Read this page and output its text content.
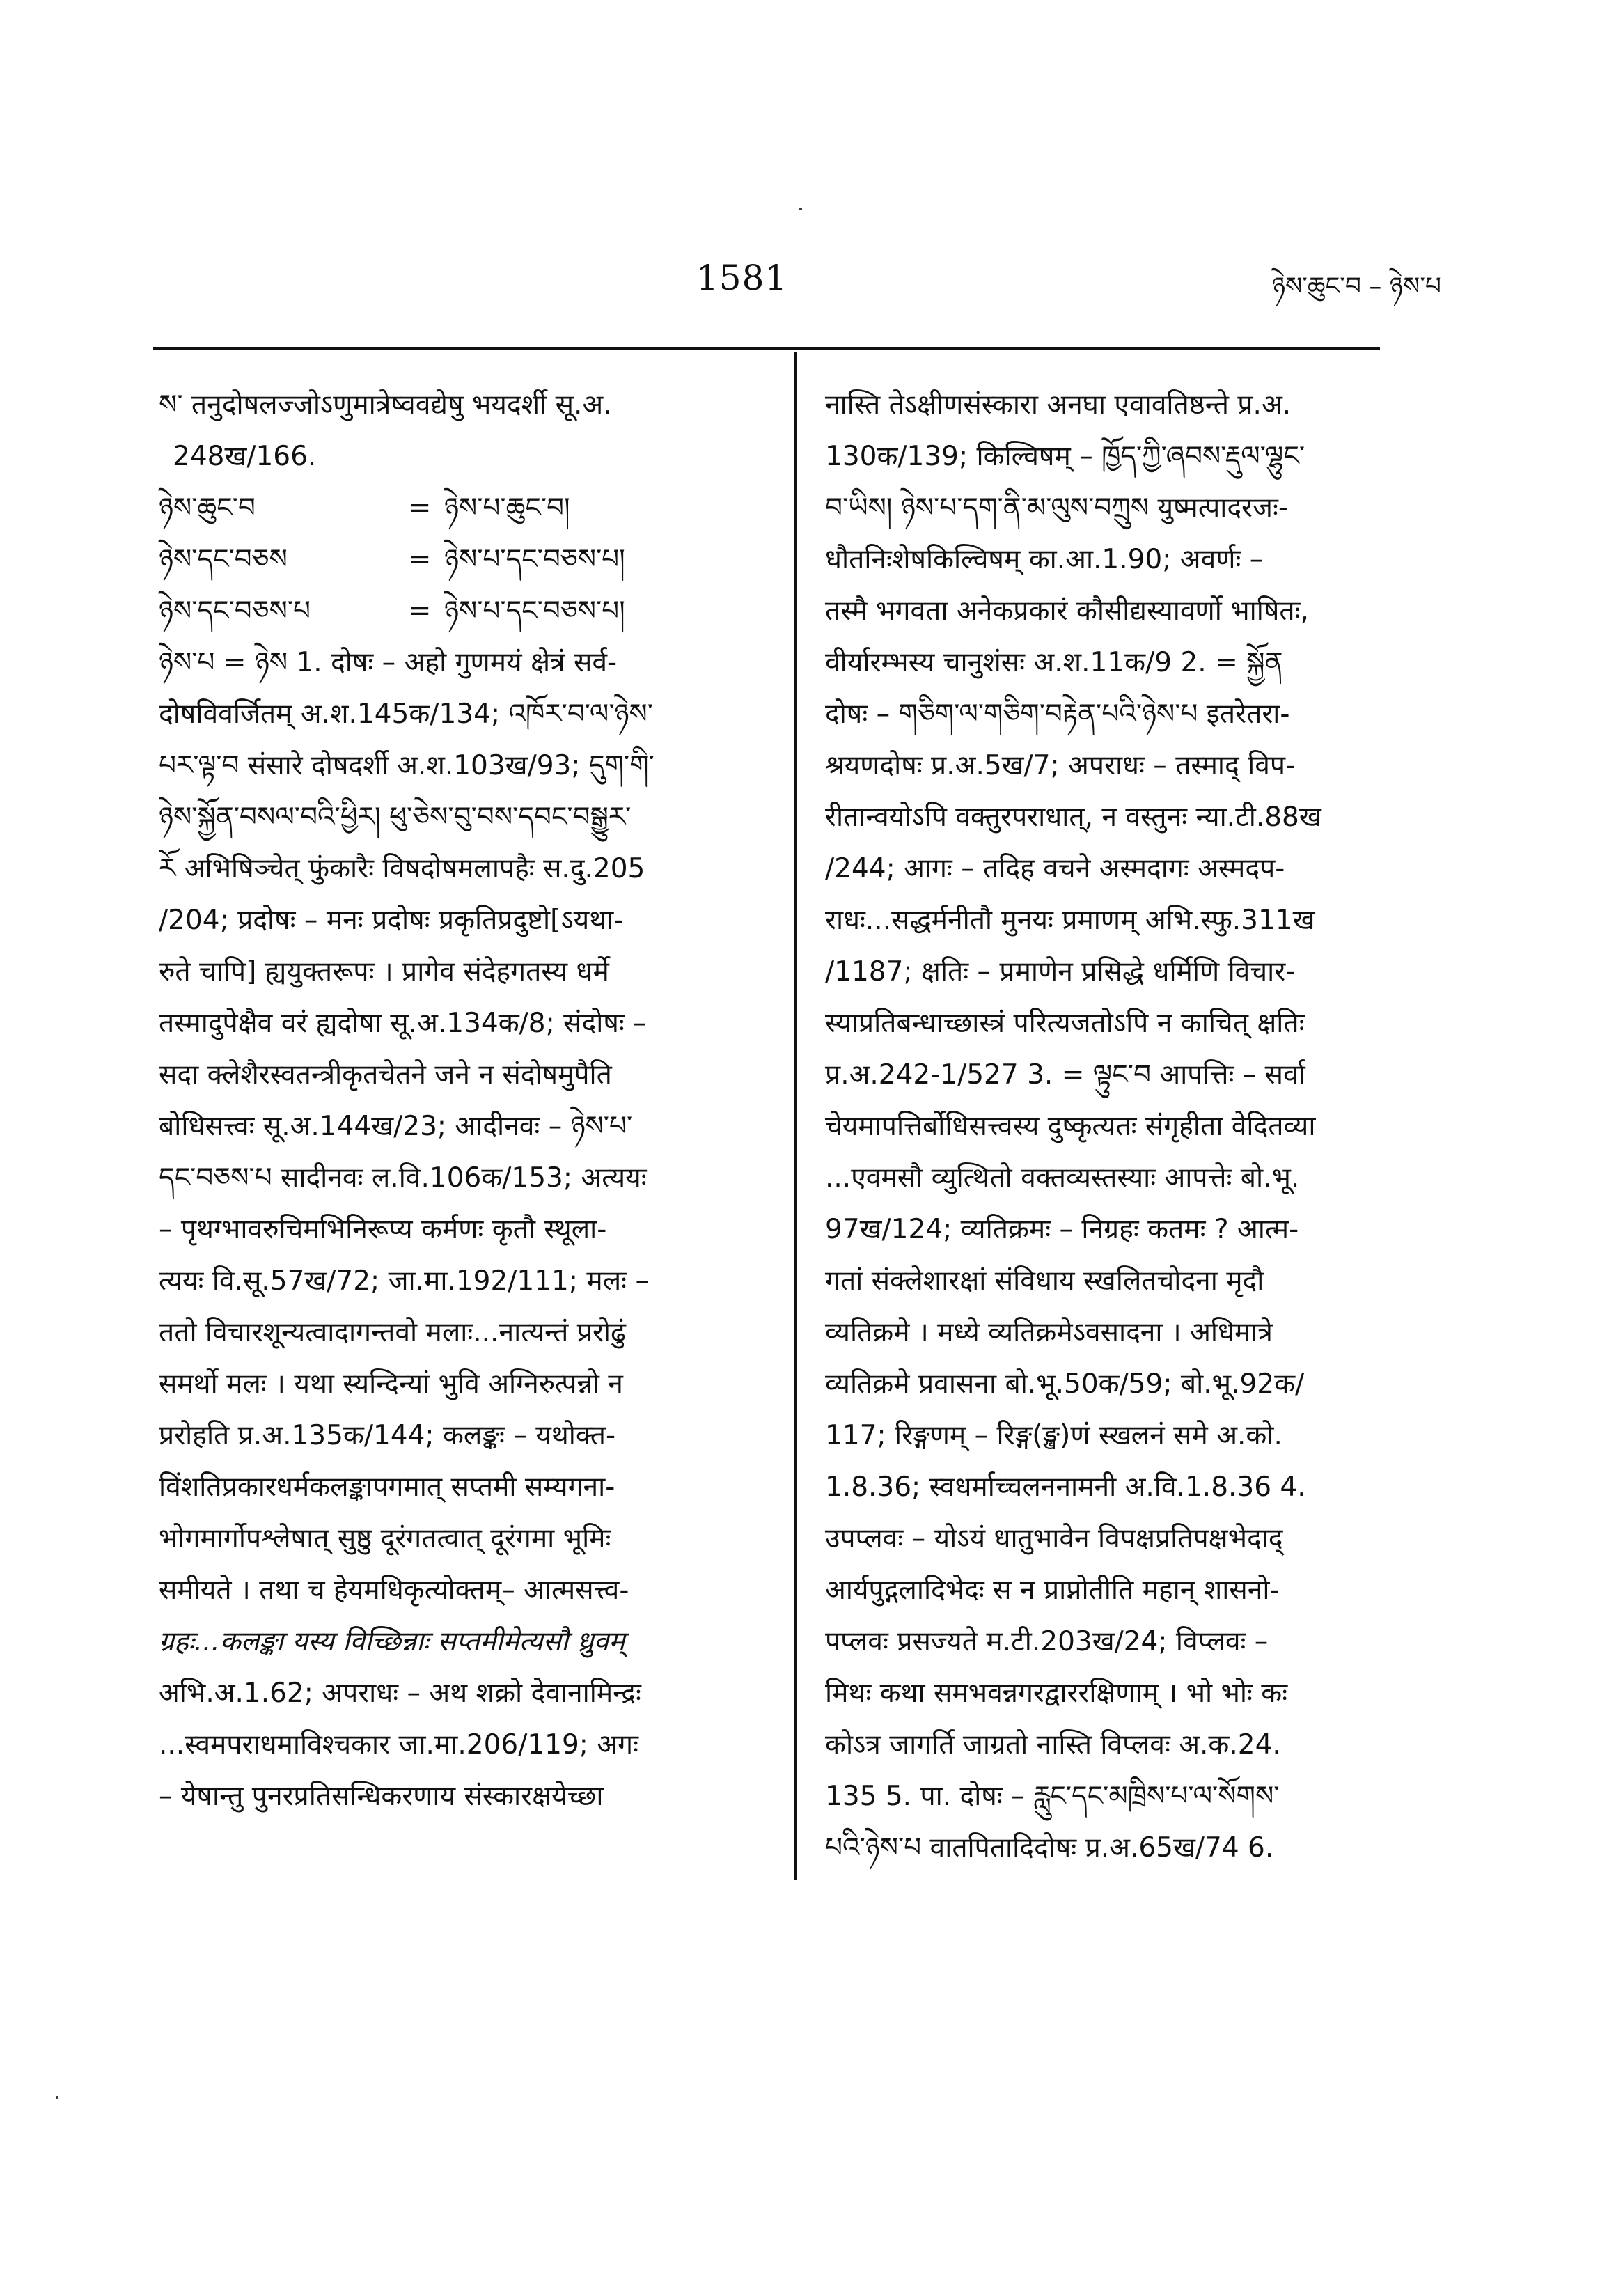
1581	ཉེས་ཆུང་བ – ཉེས་པ
ས་ तनुदोषलज्जोऽणुमात्रेष्ववद्येषु भयदर्शी सू.अ.
248ख/166.
ཉེས་ཆུང་བ	= ཉེས་པ་ཆུང་བ།
ཉེས་དང་བཅས	= ཉེས་པ་དང་བཅས་པ།
ཉེས་དང་བཅས་པ	= ཉེས་པ་དང་བཅས་པ།
ཉེས་པ = ཉེས 1. दोषः – अहो गुणमयं क्षेत्रं सर्व-
दोषविवर्जितम् अ.श.145क/134; འཁོར་བ་ལ་ཉེས་
པར་ལྟ་བ संसारे दोषदर्शी अ.श.103ख/93; དུག་གི་
ཉེས་སྐྱོན་བསལ་བའི་ཕྱིར། ཕུ་ཅེས་བུ་བས་དབང་བསྒྱུར་
རོ अभिषिञ्चेत् फुंकारैः विषदोषमलापहैः स.दु.205
/204; प्रदोषः – मनः प्रदोषः प्रकृतिप्रदुष्टो[ऽयथा-
रुते चापि] ह्ययुक्तरूपः । प्रागेव संदेहगतस्य धर्मे
तस्मादुपेक्षैव वरं ह्यदोषा सू.अ.134क/8; संदोषः –
सदा क्लेशैरस्वतन्त्रीकृतचेतने जने न संदोषमुपैति
बोधिसत्त्वः सू.अ.144ख/23; आदीनवः – ཉེས་པ་
དང་བཅས་པ सादीनवः ल.वि.106क/153; अत्ययः
– पृथग्भावरुचिमभिनिरूप्य कर्मणः कृतौ स्थूला-
त्ययः वि.सू.57ख/72; जा.मा.192/111; मलः –
ततो विचारशून्यत्वादागन्तवो मलाः...नात्यन्तं प्ररोढुं
समर्थो मलः । यथा स्यन्दिन्यां भुवि अग्निरुत्पन्नो न
प्ररोहति प्र.अ.135क/144; कलङ्कः – यथोक्त-
विंशतिप्रकारधर्मकलङ्कापगमात् सप्तमी सम्यगना-
भोगमार्गोपश्लेषात् सुष्ठु दूरंगतत्वात् दूरंगमा भूमिः
समीयते । तथा च हेयमधिकृत्योक्तम्– आत्मसत्त्व-
ग्रहः...कलङ्का यस्य विच्छिन्नाः सप्तमीमेत्यसौ ध्रुवम्
अभि.अ.1.62; अपराधः – अथ शक्रो देवानामिन्द्रः
...स्वमपराधमाविश्चकार जा.मा.206/119; अगः
– येषान्तु पुनरप्रतिसन्धिकरणाय संस्कारक्षयेच्छा
नास्ति तेऽक्षीणसंस्कारा अनघा एवावतिष्ठन्ते प्र.अ.
130क/139; किल्विषम् – ཁྱོད་ཀྱི་ཞབས་རྡུལ་ལྷུང་
བ་ཡིས། ཉེས་པ་དག་ནི་མ་ལུས་བཀྲུས युष्मत्पादरजः-
धौतनिःशेषकिल्विषम् का.आ.1.90; अवर्णः –
तस्मै भगवता अनेकप्रकारं कौसीद्यस्यावर्णो भाषितः,
वीर्यारम्भस्य चानुशंसः अ.श.11क/9 2. = སྐྱོན
दोषः – གཅིག་ལ་གཅིག་བརྟེན་པའི་ཉེས་པ इतरेतरा-
श्रयणदोषः प्र.अ.5ख/7; अपराधः – तस्माद् विप-
रीतान्वयोऽपि वक्तुरपराधात्, न वस्तुनः न्या.टी.88ख
/244; आगः – तदिह वचने अस्मदागः अस्मदप-
राधः...सद्धर्मनीतौ मुनयः प्रमाणम् अभि.स्फु.311ख
/1187; क्षतिः – प्रमाणेन प्रसिद्धे धर्मिणि विचार-
स्याप्रतिबन्धाच्छास्त्रं परित्यजतोऽपि न काचित् क्षतिः
प्र.अ.242-1/527 3. = ལྟུང་བ आपत्तिः – सर्वा
चेयमापत्तिर्बोधिसत्त्वस्य दुष्कृत्यतः संगृहीता वेदितव्या
...एवमसौ व्युत्थितो वक्तव्यस्तस्याः आपत्तेः बो.भू.
97ख/124; व्यतिक्रमः – निग्रहः कतमः ? आत्म-
गतां संक्लेशारक्षां संविधाय स्खलितचोदना मृदौ
व्यतिक्रमे । मध्ये व्यतिक्रमेऽवसादना । अधिमात्रे
व्यतिक्रमे प्रवासना बो.भू.50क/59; बो.भू.92क/
117; रिङ्गणम् – रिङ्ग(ङ्ख)णं स्खलनं समे अ.को.
1.8.36; स्वधर्माच्चलननामनी अ.वि.1.8.36 4.
उपप्लवः – योऽयं धातुभावेन विपक्षप्रतिपक्षभेदाद्
आर्यपुद्गलादिभेदः स न प्राप्नोतीति महान् शासनो-
पप्लवः प्रसज्यते म.टी.203ख/24; विप्लवः –
मिथः कथा समभवन्नगरद्वाररक्षिणाम् । भो भोः कः
कोऽत्र जागर्ति जाग्रतो नास्ति विप्लवः अ.क.24.
135 5. पा. दोषः – རླུང་དང་མཁྲིས་པ་ལ་སོགས་
པའི་ཉེས་པ वातपितादिदोषः प्र.अ.65ख/74 6.
